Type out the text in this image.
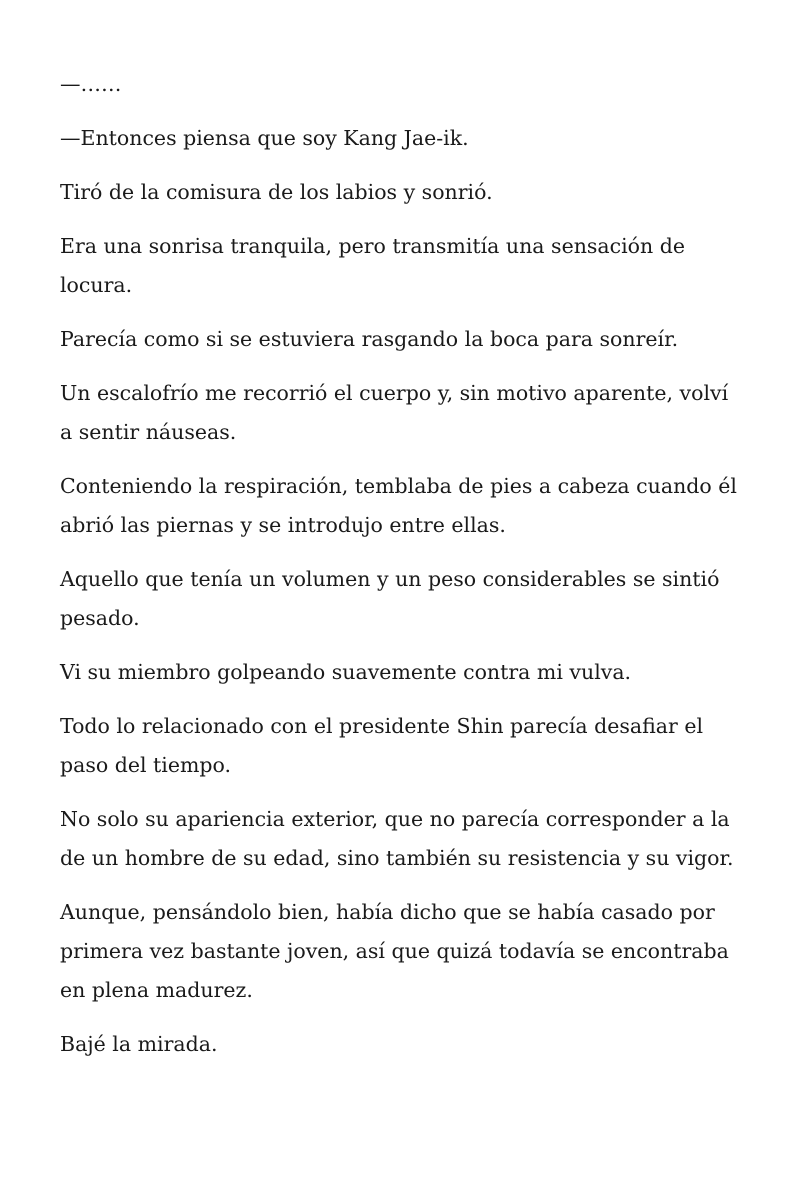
—……

—Entonces piensa que soy Kang Jae-ik.

Tiró de la comisura de los labios y sonrió.

Era una sonrisa tranquila, pero transmitía una sensación de locura.

Parecía como si se estuviera rasgando la boca para sonreír.

Un escalofrío me recorrió el cuerpo y, sin motivo aparente, volví a sentir náuseas.

Conteniendo la respiración, temblaba de pies a cabeza cuando él abrió las piernas y se introdujo entre ellas.

Aquello que tenía un volumen y un peso considerables se sintió pesado.

Vi su miembro golpeando suavemente contra mi vulva.

Todo lo relacionado con el presidente Shin parecía desafiar el paso del tiempo.

No solo su apariencia exterior, que no parecía corresponder a la de un hombre de su edad, sino también su resistencia y su vigor.

Aunque, pensándolo bien, había dicho que se había casado por primera vez bastante joven, así que quizá todavía se encontraba en plena madurez.

Bajé la mirada.
